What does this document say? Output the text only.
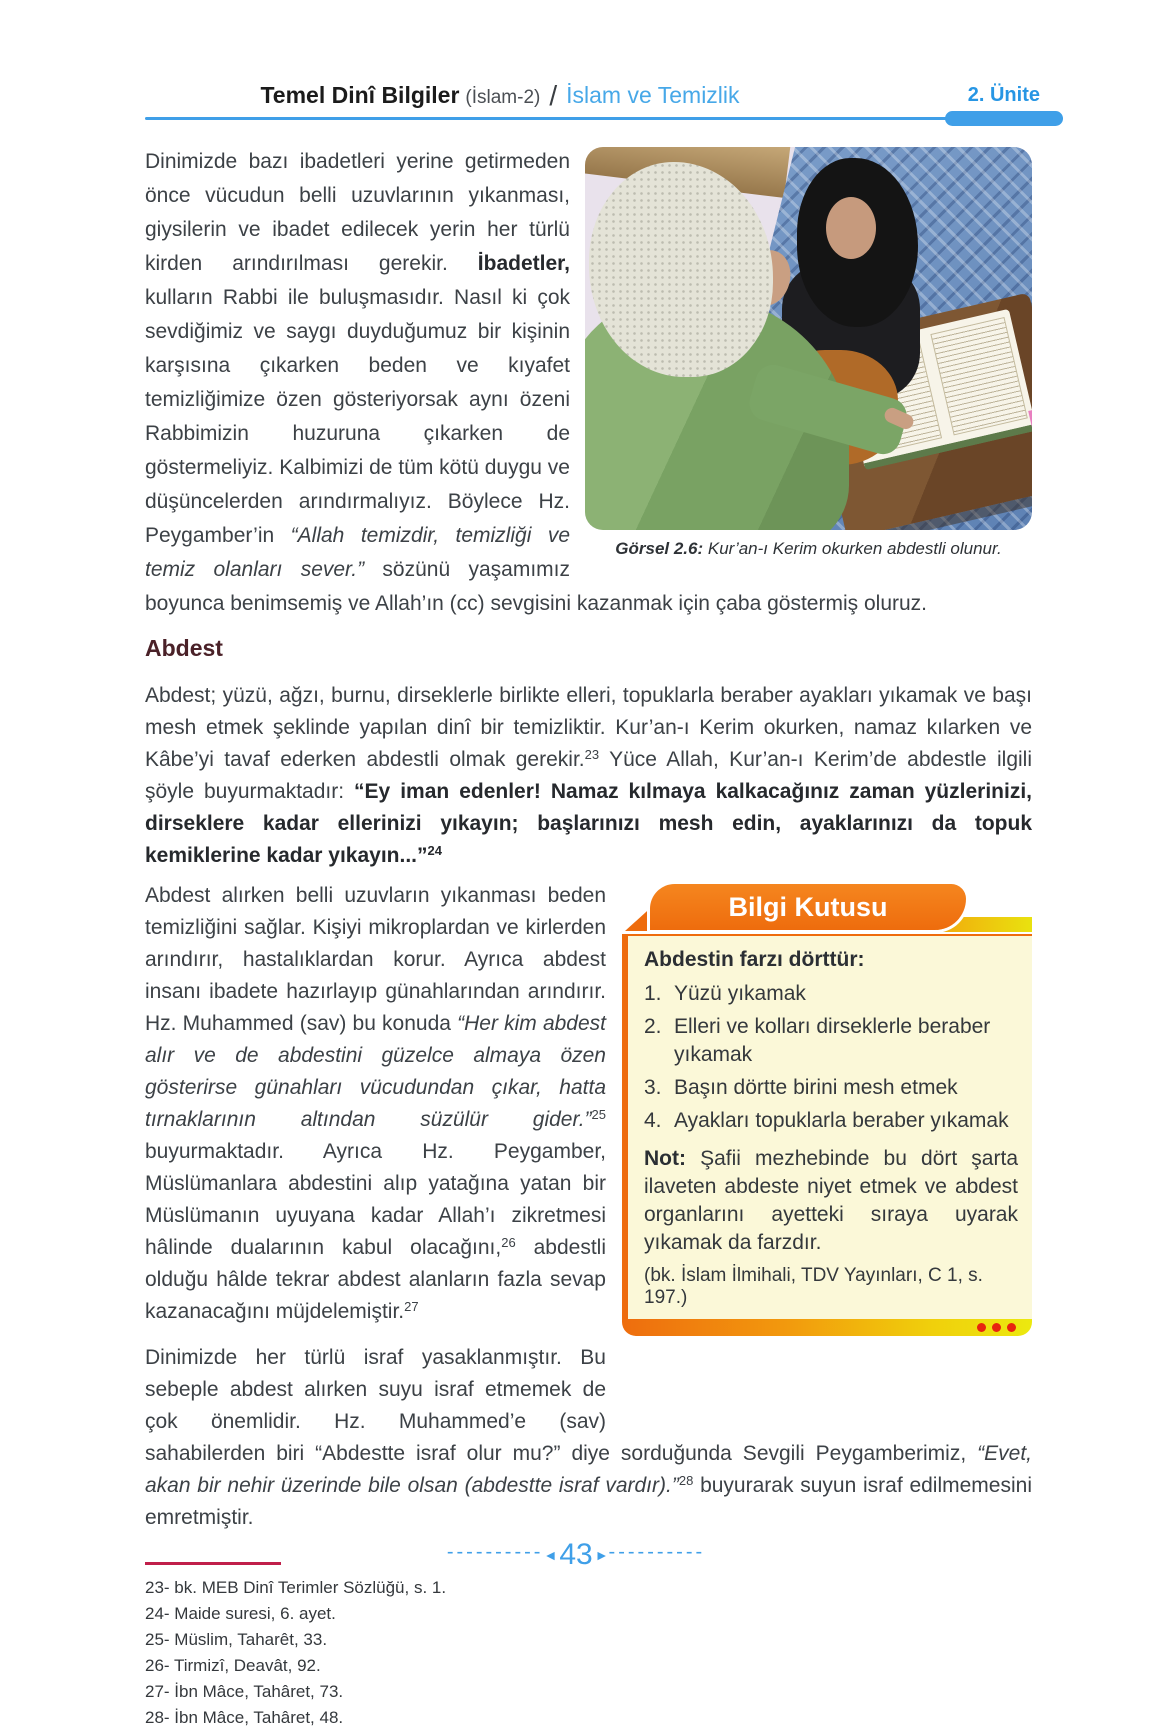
Temel Dinî Bilgiler (İslam-2) / İslam ve Temizlik	2. Ünite
Görsel 2.6: Kur’an-ı Kerim okurken abdestli olunur.

Dinimizde bazı ibadetleri yerine getirmeden önce vücudun belli uzuvlarının yıkanması, giysilerin ve ibadet edilecek yerin her türlü kirden arındırılması gerekir. İbadetler, kulların Rabbi ile buluşmasıdır. Nasıl ki çok sevdiğimiz ve saygı duyduğumuz bir kişinin karşısına çıkarken beden ve kıyafet temizliğimize özen gösteriyorsak aynı özeni Rabbimizin huzuruna çıkarken de göstermeliyiz. Kalbimizi de tüm kötü duygu ve düşüncelerden arındırmalıyız. Böylece Hz. Peygamber’in “Allah temizdir, temizliği ve temiz olanları sever.” sözünü yaşamımız boyunca benimsemiş ve Allah’ın (cc) sevgisini kazanmak için çaba göstermiş oluruz.

Abdest

Abdest; yüzü, ağzı, burnu, dirseklerle birlikte elleri, topuklarla beraber ayakları yıkamak ve başı mesh etmek şeklinde yapılan dinî bir temizliktir. Kur’an-ı Kerim okurken, namaz kılarken ve Kâbe’yi tavaf ederken abdestli olmak gerekir.$^{23}$ Yüce Allah, Kur’an-ı Kerim’de abdestle ilgili şöyle buyurmaktadır: “Ey iman edenler! Namaz kılmaya kalkacağınız zaman yüzlerinizi, dirseklere kadar ellerinizi yıkayın; başlarınızı mesh edin, ayaklarınızı da topuk kemiklerine kadar yıkayın...”$^{24}$

Bilgi Kutusu

Abdestin farzı dörttür:

1. Yüzü yıkamak
2. Elleri ve kolları dirseklerle beraber yıkamak
3. Başın dörtte birini mesh etmek
4. Ayakları topuklarla beraber yıkamak

Not: Şafii mezhebinde bu dört şarta ilaveten abdeste niyet etmek ve abdest organlarını ayetteki sıraya uyarak yıkamak da farzdır.

(bk. İslam İlmihali, TDV Yayınları, C 1, s. 197.)

Abdest alırken belli uzuvların yıkanması beden temizliğini sağlar. Kişiyi mikroplardan ve kirlerden arındırır, hastalıklardan korur. Ayrıca abdest insanı ibadete hazırlayıp günahlarından arındırır. Hz. Muhammed (sav) bu konuda “Her kim abdest alır ve de abdestini güzelce almaya özen gösterirse günahları vücudundan çıkar, hatta tırnaklarının altından süzülür gider.”$^{25}$ buyurmaktadır. Ayrıca Hz. Peygamber, Müslümanlara abdestini alıp yatağına yatan bir Müslümanın uyuyana kadar Allah’ı zikretmesi hâlinde dualarının kabul olacağını,$^{26}$ abdestli olduğu hâlde tekrar abdest alanların fazla sevap kazanacağını müjdelemiştir.$^{27}$

Dinimizde her türlü israf yasaklanmıştır. Bu sebeple abdest alırken suyu israf etmemek de çok önemlidir. Hz. Muhammed’e (sav) sahabilerden biri “Abdestte israf olur mu?” diye sorduğunda Sevgili Peygamberimiz, “Evet, akan bir nehir üzerinde bile olsan (abdestte israf vardır).”$^{28}$ buyurarak suyun israf edilmemesini emretmiştir.

23- bk. MEB Dinî Terimler Sözlüğü, s. 1.
24- Maide suresi, 6. ayet.
25- Müslim, Taharêt, 33.
26- Tirmizî, Deavât, 92.
27- İbn Mâce, Tahâret, 73.
28- İbn Mâce, Tahâret, 48.
----------◄43 ►----------
